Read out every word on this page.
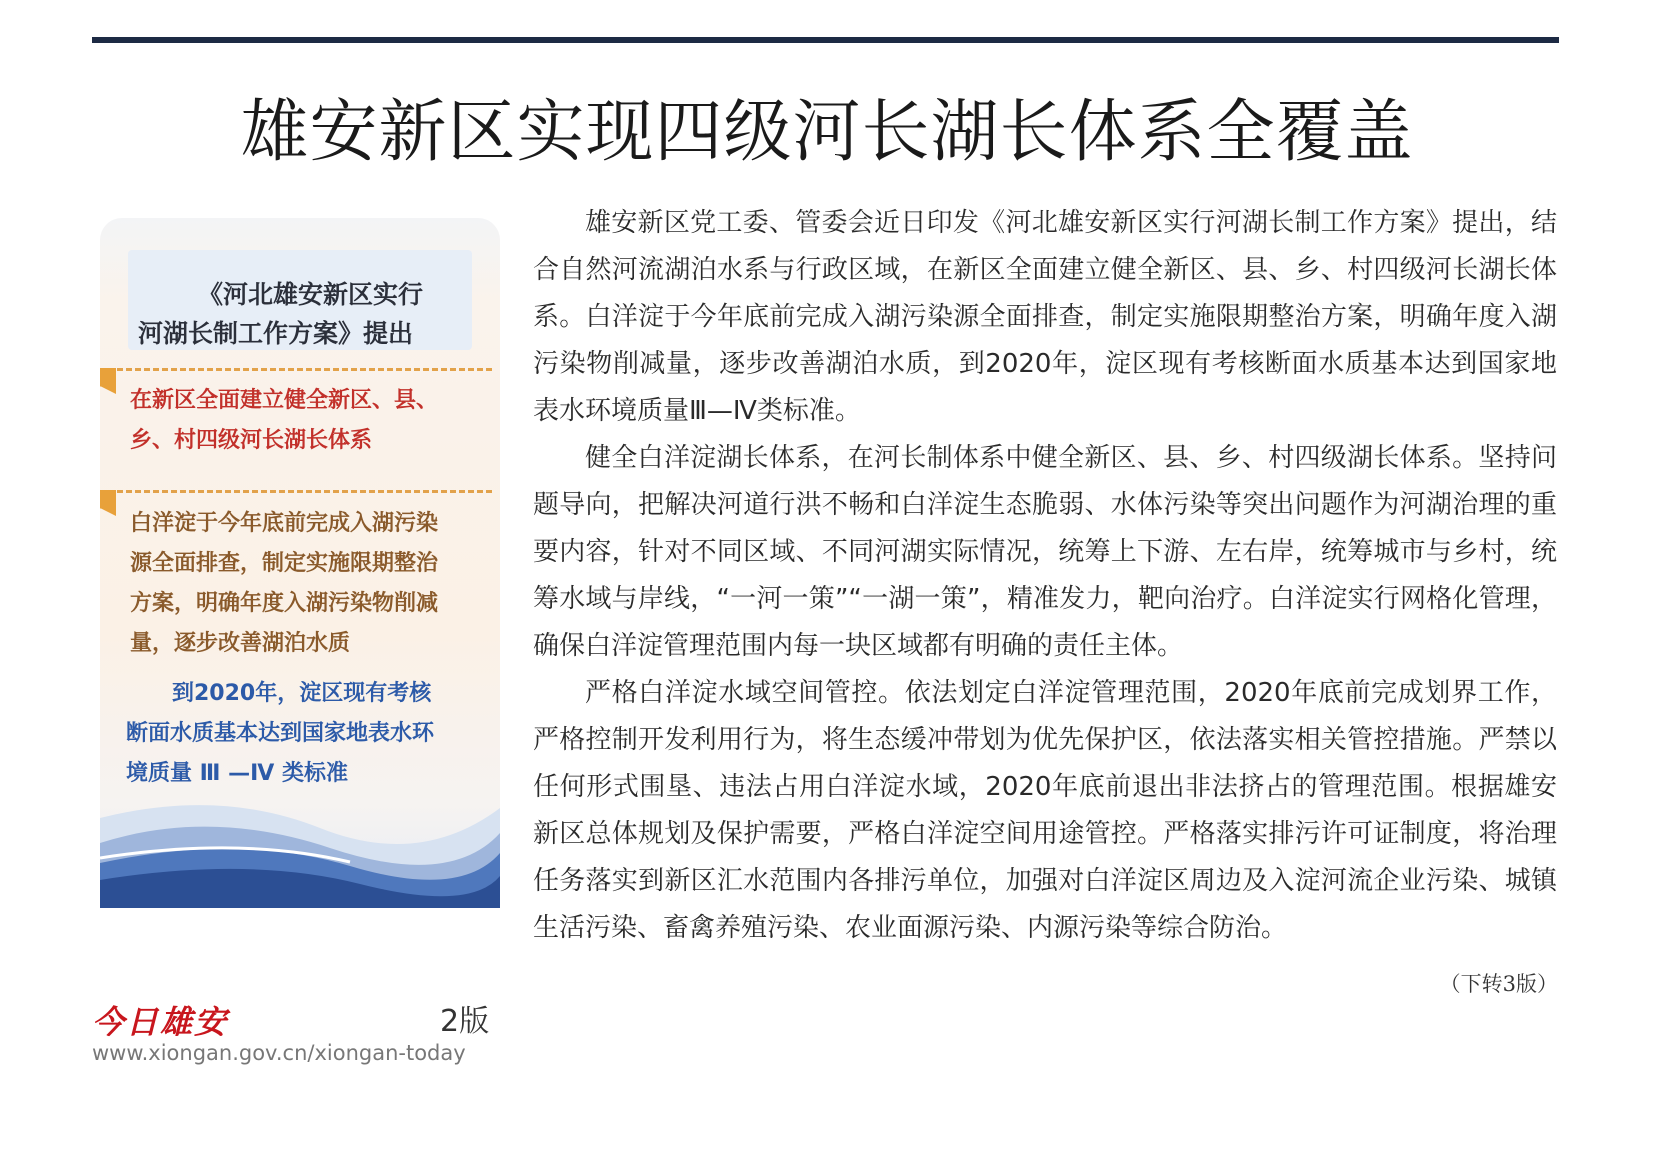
雄安新区实现四级河长湖长体系全覆盖
《河北雄安新区实行
河湖长制工作方案》提出
在新区全面建立健全新区、县、
乡、村四级河长湖长体系
白洋淀于今年底前完成入湖污染
源全面排查，制定实施限期整治
方案，明确年度入湖污染物削减
量，逐步改善湖泊水质
到2020年，淀区现有考核
断面水质基本达到国家地表水环
境质量 Ⅲ —Ⅳ 类标准

雄安新区党工委、管委会近日印发《河北雄安新区实行河湖长制工作方案》提出，结合自然河流湖泊水系与行政区域，在新区全面建立健全新区、县、乡、村四级河长湖长体系。白洋淀于今年底前完成入湖污染源全面排查，制定实施限期整治方案，明确年度入湖污染物削减量，逐步改善湖泊水质，到2020年，淀区现有考核断面水质基本达到国家地表水环境质量Ⅲ—Ⅳ类标准。

健全白洋淀湖长体系，在河长制体系中健全新区、县、乡、村四级湖长体系。坚持问题导向，把解决河道行洪不畅和白洋淀生态脆弱、水体污染等突出问题作为河湖治理的重要内容，针对不同区域、不同河湖实际情况，统筹上下游、左右岸，统筹城市与乡村，统筹水域与岸线，“一河一策”“一湖一策”，精准发力，靶向治疗。白洋淀实行网格化管理，确保白洋淀管理范围内每一块区域都有明确的责任主体。

严格白洋淀水域空间管控。依法划定白洋淀管理范围，2020年底前完成划界工作，严格控制开发利用行为，将生态缓冲带划为优先保护区，依法落实相关管控措施。严禁以任何形式围垦、违法占用白洋淀水域，2020年底前退出非法挤占的管理范围。根据雄安新区总体规划及保护需要，严格白洋淀空间用途管控。严格落实排污许可证制度，将治理任务落实到新区汇水范围内各排污单位，加强对白洋淀区周边及入淀河流企业污染、城镇生活污染、畜禽养殖污染、农业面源污染、内源污染等综合防治。

（下转3版）
今日雄安	2版
www.xiongan.gov.cn/xiongan-today
